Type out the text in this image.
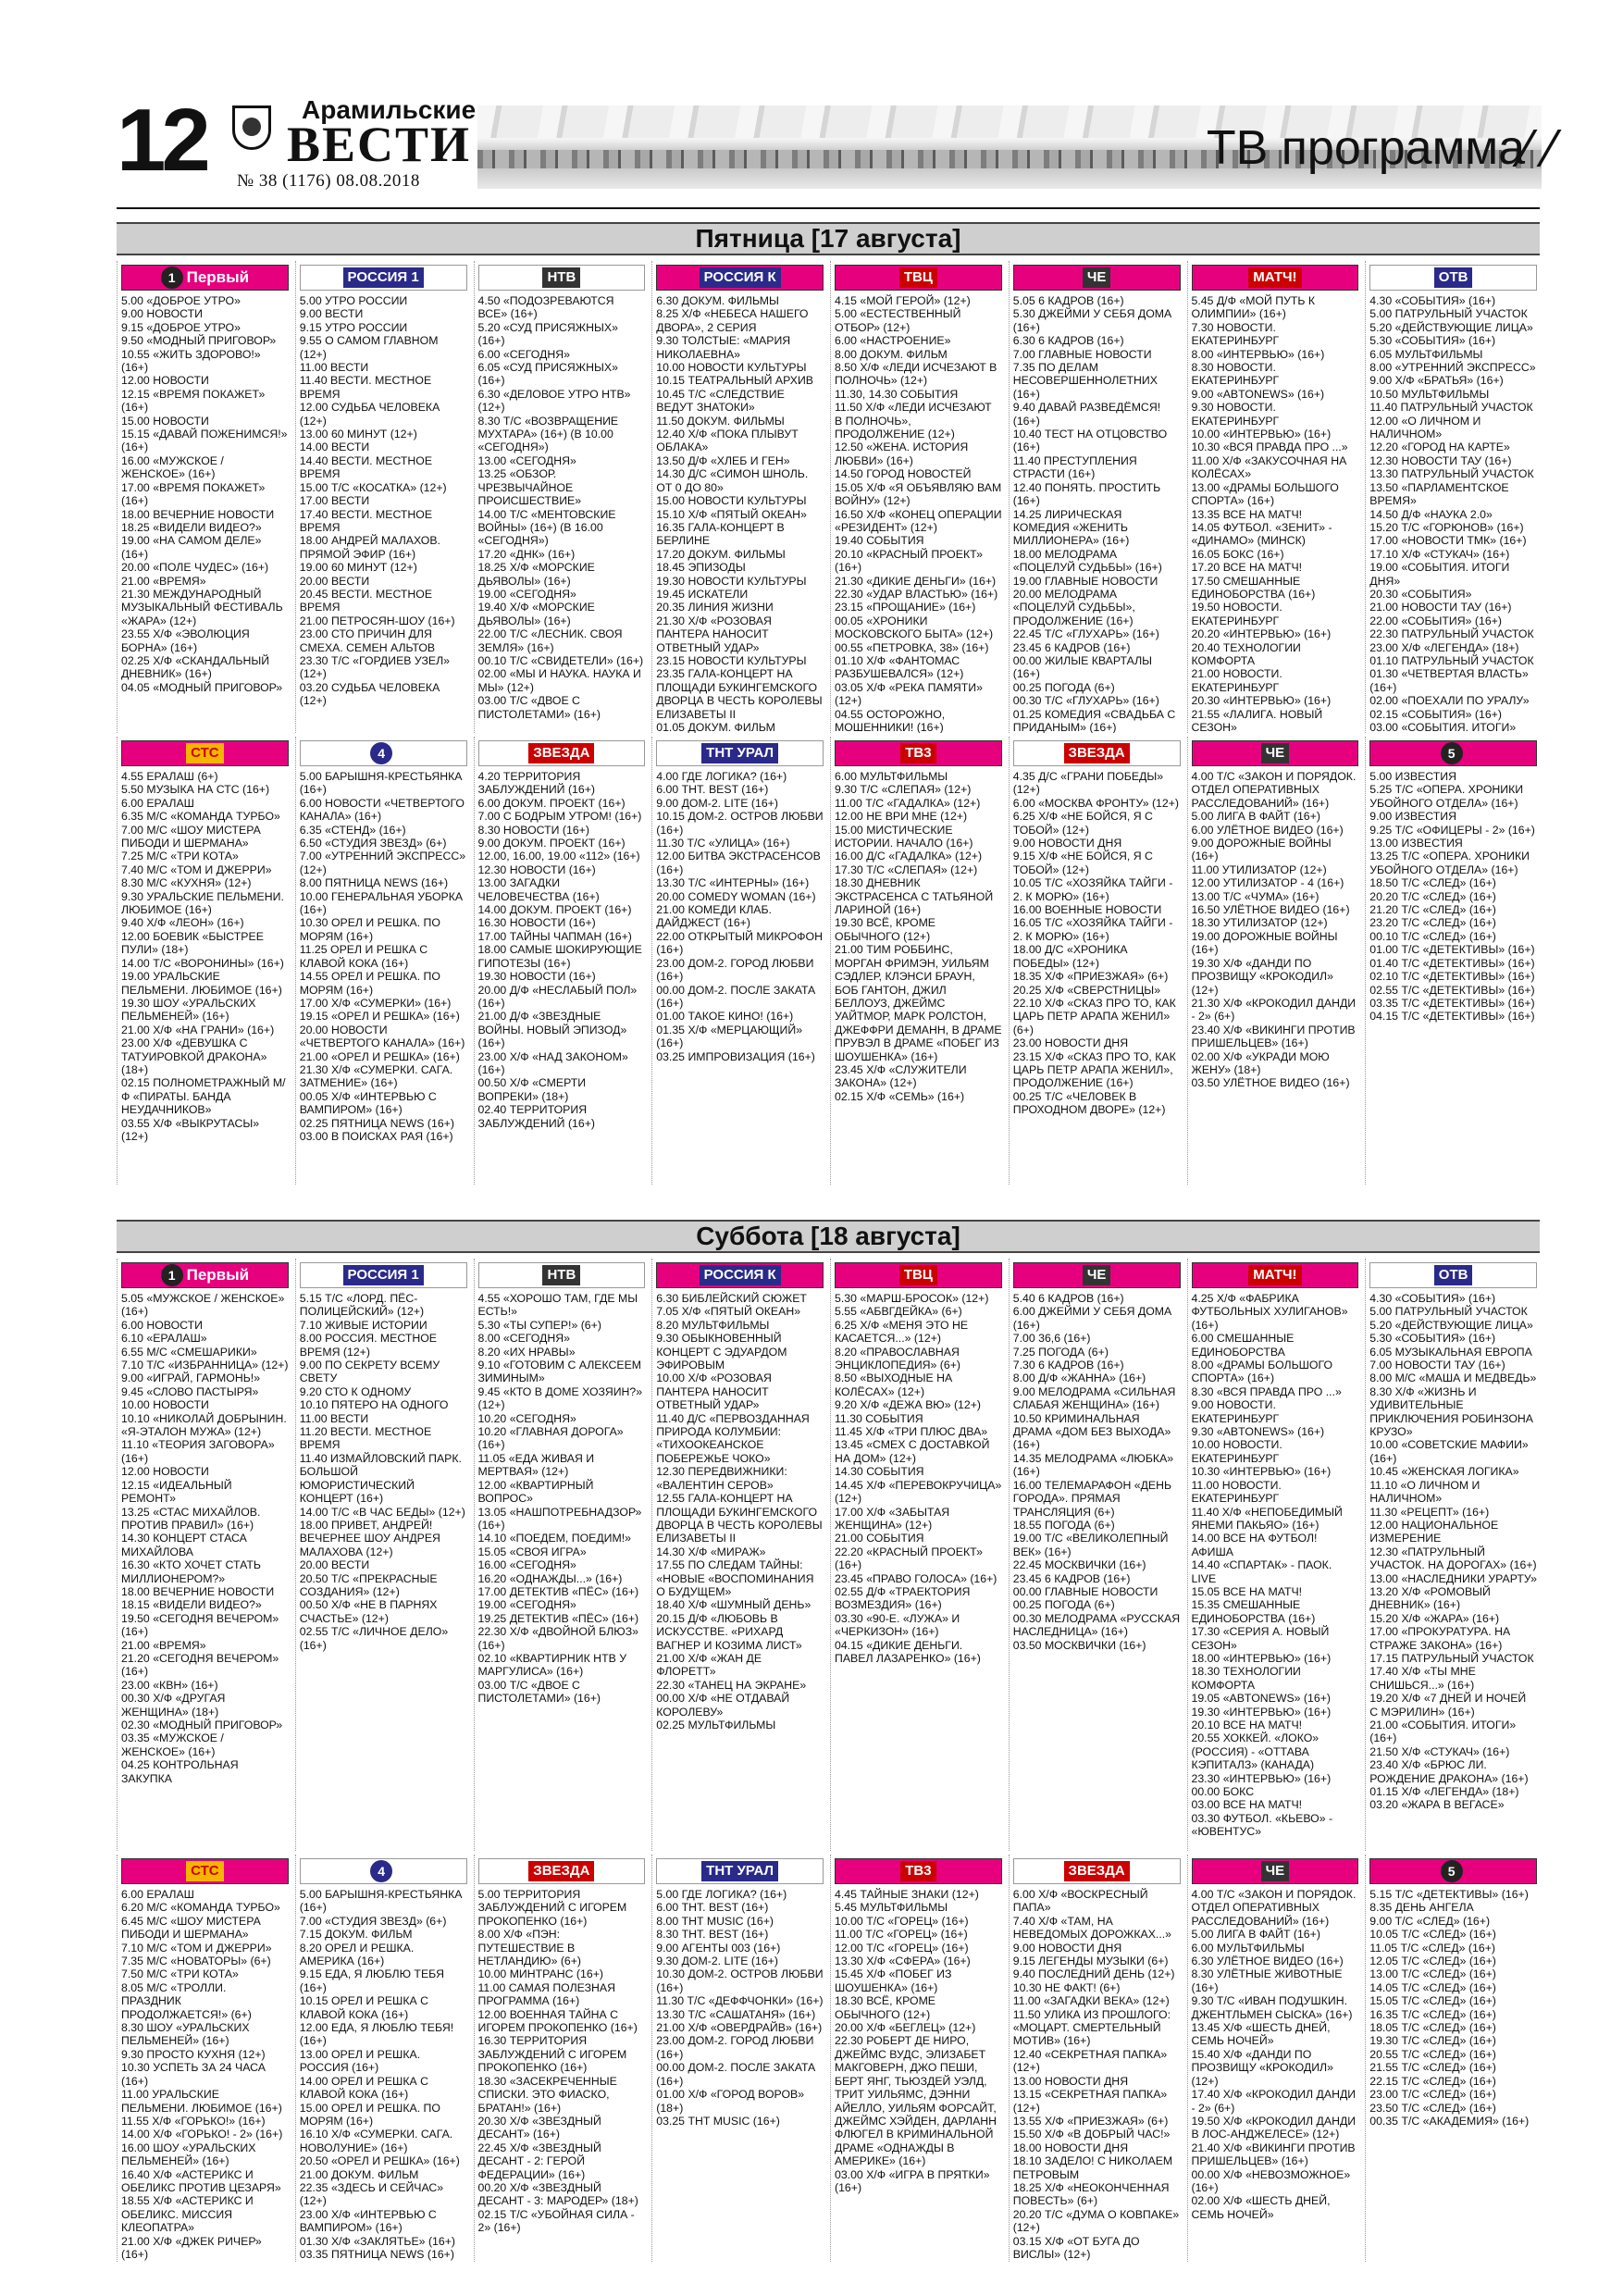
12	Арамильские
ВЕСТИ
№ 38 (1176) 08.08.2018
ТВ программа
Пятница [17 августа]
1 Первый
5.00 «ДОБРОЕ УТРО»
9.00 НОВОСТИ
9.15 «ДОБРОЕ УТРО»
9.50 «МОДНЫЙ ПРИГОВОР»
10.55 «ЖИТЬ ЗДОРОВО!» (16+)
12.00 НОВОСТИ
12.15 «ВРЕМЯ ПОКАЖЕТ» (16+)
15.00 НОВОСТИ
15.15 «ДАВАЙ ПОЖЕНИМСЯ!» (16+)
16.00 «МУЖСКОЕ / ЖЕНСКОЕ» (16+)
17.00 «ВРЕМЯ ПОКАЖЕТ» (16+)
18.00 ВЕЧЕРНИЕ НОВОСТИ
18.25 «ВИДЕЛИ ВИДЕО?»
19.00 «НА САМОМ ДЕЛЕ» (16+)
20.00 «ПОЛЕ ЧУДЕС» (16+)
21.00 «ВРЕМЯ»
21.30 МЕЖДУНАРОДНЫЙ МУЗЫКАЛЬНЫЙ ФЕСТИВАЛЬ «ЖАРА» (12+)
23.55 Х/Ф «ЭВОЛЮЦИЯ БОРНА» (16+)
02.25 Х/Ф «СКАНДАЛЬНЫЙ ДНЕВНИК» (16+)
04.05 «МОДНЫЙ ПРИГОВОР»
РОССИЯ 1
5.00 УТРО РОССИИ
9.00 ВЕСТИ
9.15 УТРО РОССИИ
9.55 О САМОМ ГЛАВНОМ (12+)
11.00 ВЕСТИ
11.40 ВЕСТИ. МЕСТНОЕ ВРЕМЯ
12.00 СУДЬБА ЧЕЛОВЕКА (12+)
13.00 60 МИНУТ (12+)
14.00 ВЕСТИ
14.40 ВЕСТИ. МЕСТНОЕ ВРЕМЯ
15.00 Т/С «КОСАТКА» (12+)
17.00 ВЕСТИ
17.40 ВЕСТИ. МЕСТНОЕ ВРЕМЯ
18.00 АНДРЕЙ МАЛАХОВ. ПРЯМОЙ ЭФИР (16+)
19.00 60 МИНУТ (12+)
20.00 ВЕСТИ
20.45 ВЕСТИ. МЕСТНОЕ ВРЕМЯ
21.00 ПЕТРОСЯН-ШОУ (16+)
23.00 СТО ПРИЧИН ДЛЯ СМЕХА. СЕМЕН АЛЬТОВ
23.30 Т/С «ГОРДИЕВ УЗЕЛ» (12+)
03.20 СУДЬБА ЧЕЛОВЕКА (12+)
НТВ
4.50 «ПОДОЗРЕВАЮТСЯ ВСЕ» (16+)
5.20 «СУД ПРИСЯЖНЫХ» (16+)
6.00 «СЕГОДНЯ»
6.05 «СУД ПРИСЯЖНЫХ» (16+)
6.30 «ДЕЛОВОЕ УТРО НТВ» (12+)
8.30 Т/С «ВОЗВРАЩЕНИЕ МУХТАРА» (16+) (В 10.00 «СЕГОДНЯ»)
13.00 «СЕГОДНЯ»
13.25 «ОБЗОР. ЧРЕЗВЫЧАЙНОЕ ПРОИСШЕСТВИЕ»
14.00 Т/С «МЕНТОВСКИЕ ВОЙНЫ» (16+) (В 16.00 «СЕГОДНЯ»)
17.20 «ДНК» (16+)
18.25 Х/Ф «МОРСКИЕ ДЬЯВОЛЫ» (16+)
19.00 «СЕГОДНЯ»
19.40 Х/Ф «МОРСКИЕ ДЬЯВОЛЫ» (16+)
22.00 Т/С «ЛЕСНИК. СВОЯ ЗЕМЛЯ» (16+)
00.10 Т/С «СВИДЕТЕЛИ» (16+)
02.00 «МЫ И НАУКА. НАУКА И МЫ» (12+)
03.00 Т/С «ДВОЕ С ПИСТОЛЕТАМИ» (16+)
РОССИЯ К
6.30 ДОКУМ. ФИЛЬМЫ
8.25 Х/Ф «НЕБЕСА НАШЕГО ДВОРА», 2 СЕРИЯ
9.30 ТОЛСТЫЕ: «МАРИЯ НИКОЛАЕВНА»
10.00 НОВОСТИ КУЛЬТУРЫ
10.15 ТЕАТРАЛЬНЫЙ АРХИВ
10.45 Т/С «СЛЕДСТВИЕ ВЕДУТ ЗНАТОКИ»
11.50 ДОКУМ. ФИЛЬМЫ
12.40 Х/Ф «ПОКА ПЛЫВУТ ОБЛАКА»
13.50 Д/Ф «ХЛЕБ И ГЕН»
14.30 Д/С «СИМОН ШНОЛЬ. ОТ 0 ДО 80»
15.00 НОВОСТИ КУЛЬТУРЫ
15.10 Х/Ф «ПЯТЫЙ ОКЕАН»
16.35 ГАЛА-КОНЦЕРТ В БЕРЛИНЕ
17.20 ДОКУМ. ФИЛЬМЫ
18.45 ЭПИЗОДЫ
19.30 НОВОСТИ КУЛЬТУРЫ
19.45 ИСКАТЕЛИ
20.35 ЛИНИЯ ЖИЗНИ
21.30 Х/Ф «РОЗОВАЯ ПАНТЕРА НАНОСИТ ОТВЕТНЫЙ УДАР»
23.15 НОВОСТИ КУЛЬТУРЫ
23.35 ГАЛА-КОНЦЕРТ НА ПЛОЩАДИ БУКИНГЕМСКОГО ДВОРЦА В ЧЕСТЬ КОРОЛЕВЫ ЕЛИЗАВЕТЫ II
01.05 ДОКУМ. ФИЛЬМ
ТВЦ
4.15 «МОЙ ГЕРОЙ» (12+)
5.00 «ЕСТЕСТВЕННЫЙ ОТБОР» (12+)
6.00 «НАСТРОЕНИЕ»
8.00 ДОКУМ. ФИЛЬМ
8.50 Х/Ф «ЛЕДИ ИСЧЕЗАЮТ В ПОЛНОЧЬ» (12+)
11.30, 14.30 СОБЫТИЯ
11.50 Х/Ф «ЛЕДИ ИСЧЕЗАЮТ В ПОЛНОЧЬ», ПРОДОЛЖЕНИЕ (12+)
12.50 «ЖЕНА. ИСТОРИЯ ЛЮБВИ» (16+)
14.50 ГОРОД НОВОСТЕЙ
15.05 Х/Ф «Я ОБЪЯВЛЯЮ ВАМ ВОЙНУ» (12+)
16.50 Х/Ф «КОНЕЦ ОПЕРАЦИИ «РЕЗИДЕНТ» (12+)
19.40 СОБЫТИЯ
20.10 «КРАСНЫЙ ПРОЕКТ» (16+)
21.30 «ДИКИЕ ДЕНЬГИ» (16+)
22.30 «УДАР ВЛАСТЬЮ» (16+)
23.15 «ПРОЩАНИЕ» (16+)
00.05 «ХРОНИКИ МОСКОВСКОГО БЫТА» (12+)
00.55 «ПЕТРОВКА, 38» (16+)
01.10 Х/Ф «ФАНТОМАС РАЗБУШЕВАЛСЯ» (12+)
03.05 Х/Ф «РЕКА ПАМЯТИ» (12+)
04.55 ОСТОРОЖНО, МОШЕННИКИ! (16+)
ЧЕ
5.05 6 КАДРОВ (16+)
5.30 ДЖЕЙМИ У СЕБЯ ДОМА (16+)
6.30 6 КАДРОВ (16+)
7.00 ГЛАВНЫЕ НОВОСТИ
7.35 ПО ДЕЛАМ НЕСОВЕРШЕННОЛЕТНИХ (16+)
9.40 ДАВАЙ РАЗВЕДЁМСЯ! (16+)
10.40 ТЕСТ НА ОТЦОВСТВО (16+)
11.40 ПРЕСТУПЛЕНИЯ СТРАСТИ (16+)
12.40 ПОНЯТЬ. ПРОСТИТЬ (16+)
14.25 ЛИРИЧЕСКАЯ КОМЕДИЯ «ЖЕНИТЬ МИЛЛИОНЕРА» (16+)
18.00 МЕЛОДРАМА «ПОЦЕЛУЙ СУДЬБЫ» (16+)
19.00 ГЛАВНЫЕ НОВОСТИ
20.00 МЕЛОДРАМА «ПОЦЕЛУЙ СУДЬБЫ», ПРОДОЛЖЕНИЕ (16+)
22.45 Т/С «ГЛУХАРЬ» (16+)
23.45 6 КАДРОВ (16+)
00.00 ЖИЛЫЕ КВАРТАЛЫ (16+)
00.25 ПОГОДА (6+)
00.30 Т/С «ГЛУХАРЬ» (16+)
01.25 КОМЕДИЯ «СВАДЬБА С ПРИДАНЫМ» (16+)
МАТЧ!
5.45 Д/Ф «МОЙ ПУТЬ К ОЛИМПИИ» (16+)
7.30 НОВОСТИ. ЕКАТЕРИНБУРГ
8.00 «ИНТЕРВЬЮ» (16+)
8.30 НОВОСТИ. ЕКАТЕРИНБУРГ
9.00 «ABTONEWS» (16+)
9.30 НОВОСТИ. ЕКАТЕРИНБУРГ
10.00 «ИНТЕРВЬЮ» (16+)
10.30 «ВСЯ ПРАВДА ПРО ...»
11.00 Х/Ф «ЗАКУСОЧНАЯ НА КОЛЁСАХ»
13.00 «ДРАМЫ БОЛЬШОГО СПОРТА» (16+)
13.35 ВСЕ НА МАТЧ!
14.05 ФУТБОЛ. «ЗЕНИТ» - «ДИНАМО» (МИНСК)
16.05 БОКС (16+)
17.20 ВСЕ НА МАТЧ!
17.50 СМЕШАННЫЕ ЕДИНОБОРСТВА (16+)
19.50 НОВОСТИ. ЕКАТЕРИНБУРГ
20.20 «ИНТЕРВЬЮ» (16+)
20.40 ТЕХНОЛОГИИ КОМФОРТА
21.00 НОВОСТИ. ЕКАТЕРИНБУРГ
20.30 «ИНТЕРВЬЮ» (16+)
21.55 «ЛАЛИГА. НОВЫЙ СЕЗОН»
ОТВ
4.30 «СОБЫТИЯ» (16+)
5.00 ПАТРУЛЬНЫЙ УЧАСТОК
5.20 «ДЕЙСТВУЮЩИЕ ЛИЦА»
5.30 «СОБЫТИЯ» (16+)
6.05 МУЛЬТФИЛЬМЫ
8.00 «УТРЕННИЙ ЭКСПРЕСС»
9.00 Х/Ф «БРАТЬЯ» (16+)
10.50 МУЛЬТФИЛЬМЫ
11.40 ПАТРУЛЬНЫЙ УЧАСТОК
12.00 «О ЛИЧНОМ И НАЛИЧНОМ»
12.20 «ГОРОД НА КАРТЕ»
12.30 НОВОСТИ ТАУ (16+)
13.30 ПАТРУЛЬНЫЙ УЧАСТОК
13.50 «ПАРЛАМЕНТСКОЕ ВРЕМЯ»
14.50 Д/Ф «НАУКА 2.0»
15.20 Т/С «ГОРЮНОВ» (16+)
17.00 «НОВОСТИ ТМК» (16+)
17.10 Х/Ф «СТУКАЧ» (16+)
19.00 «СОБЫТИЯ. ИТОГИ ДНЯ»
20.30 «СОБЫТИЯ»
21.00 НОВОСТИ ТАУ (16+)
22.00 «СОБЫТИЯ» (16+)
22.30 ПАТРУЛЬНЫЙ УЧАСТОК
23.00 Х/Ф «ЛЕГЕНДА» (18+)
01.10 ПАТРУЛЬНЫЙ УЧАСТОК
01.30 «ЧЕТВЕРТАЯ ВЛАСТЬ» (16+)
02.00 «ПОЕХАЛИ ПО УРАЛУ»
02.15 «СОБЫТИЯ» (16+)
03.00 «СОБЫТИЯ. ИТОГИ»
СТС
4.55 ЕРАЛАШ (6+)
5.50 МУЗЫКА НА СТС (16+)
6.00 ЕРАЛАШ
6.35 М/С «КОМАНДА ТУРБО»
7.00 М/С «ШОУ МИСТЕРА ПИБОДИ И ШЕРМАНА»
7.25 М/С «ТРИ КОТА»
7.40 М/С «ТОМ И ДЖЕРРИ»
8.30 М/С «КУХНЯ» (12+)
9.30 УРАЛЬСКИЕ ПЕЛЬМЕНИ. ЛЮБИМОЕ (16+)
9.40 Х/Ф «ЛЕОН» (16+)
12.00 БОЕВИК «БЫСТРЕЕ ПУЛИ» (18+)
14.00 Т/С «ВОРОНИНЫ» (16+)
19.00 УРАЛЬСКИЕ ПЕЛЬМЕНИ. ЛЮБИМОЕ (16+)
19.30 ШОУ «УРАЛЬСКИХ ПЕЛЬМЕНЕЙ» (16+)
21.00 Х/Ф «НА ГРАНИ» (16+)
23.00 Х/Ф «ДЕВУШКА С ТАТУИРОВКОЙ ДРАКОНА» (18+)
02.15 ПОЛНОМЕТРАЖНЫЙ М/Ф «ПИРАТЫ. БАНДА НЕУДАЧНИКОВ»
03.55 Х/Ф «ВЫКРУТАСЫ» (12+)
4
5.00 БАРЫШНЯ-КРЕСТЬЯНКА (16+)
6.00 НОВОСТИ «ЧЕТВЕРТОГО КАНАЛА» (16+)
6.35 «СТЕНД» (16+)
6.50 «СТУДИЯ ЗВЕЗД» (6+)
7.00 «УТРЕННИЙ ЭКСПРЕСС» (12+)
8.00 ПЯТНИЦА NEWS (16+)
10.00 ГЕНЕРАЛЬНАЯ УБОРКА (16+)
10.30 ОРЕЛ И РЕШКА. ПО МОРЯМ (16+)
11.25 ОРЕЛ И РЕШКА С КЛАВОЙ КОКА (16+)
14.55 ОРЕЛ И РЕШКА. ПО МОРЯМ (16+)
17.00 Х/Ф «СУМЕРКИ» (16+)
19.15 «ОРЕЛ И РЕШКА» (16+)
20.00 НОВОСТИ «ЧЕТВЕРТОГО КАНАЛА» (16+)
21.00 «ОРЕЛ И РЕШКА» (16+)
21.30 Х/Ф «СУМЕРКИ. САГА. ЗАТМЕНИЕ» (16+)
00.05 Х/Ф «ИНТЕРВЬЮ С ВАМПИРОМ» (16+)
02.25 ПЯТНИЦА NEWS (16+)
03.00 В ПОИСКАХ РАЯ (16+)
ЗВЕЗДА
4.20 ТЕРРИТОРИЯ ЗАБЛУЖДЕНИЙ (16+)
6.00 ДОКУМ. ПРОЕКТ (16+)
7.00 С БОДРЫМ УТРОМ! (16+)
8.30 НОВОСТИ (16+)
9.00 ДОКУМ. ПРОЕКТ (16+)
12.00, 16.00, 19.00 «112» (16+)
12.30 НОВОСТИ (16+)
13.00 ЗАГАДКИ ЧЕЛОВЕЧЕСТВА (16+)
14.00 ДОКУМ. ПРОЕКТ (16+)
16.30 НОВОСТИ (16+)
17.00 ТАЙНЫ ЧАПМАН (16+)
18.00 САМЫЕ ШОКИРУЮЩИЕ ГИПОТЕЗЫ (16+)
19.30 НОВОСТИ (16+)
20.00 Д/Ф «НЕСЛАБЫЙ ПОЛ» (16+)
21.00 Д/Ф «ЗВЕЗДНЫЕ ВОЙНЫ. НОВЫЙ ЭПИЗОД» (16+)
23.00 Х/Ф «НАД ЗАКОНОМ» (16+)
00.50 Х/Ф «СМЕРТИ ВОПРЕКИ» (18+)
02.40 ТЕРРИТОРИЯ ЗАБЛУЖДЕНИЙ (16+)
ТНТ УРАЛ
4.00 ГДЕ ЛОГИКА? (16+)
6.00 ТНТ. BEST (16+)
9.00 ДОМ-2. LITE (16+)
10.15 ДОМ-2. ОСТРОВ ЛЮБВИ (16+)
11.30 Т/С «УЛИЦА» (16+)
12.00 БИТВА ЭКСТРАСЕНСОВ (16+)
13.30 Т/С «ИНТЕРНЫ» (16+)
20.00 COMEDY WOMAN (16+)
21.00 КОМЕДИ КЛАБ. ДАЙДЖЕСТ (16+)
22.00 ОТКРЫТЫЙ МИКРОФОН (16+)
23.00 ДОМ-2. ГОРОД ЛЮБВИ (16+)
00.00 ДОМ-2. ПОСЛЕ ЗАКАТА (16+)
01.00 ТАКОЕ КИНО! (16+)
01.35 Х/Ф «МЕРЦАЮЩИЙ» (16+)
03.25 ИМПРОВИЗАЦИЯ (16+)
ТВ3
6.00 МУЛЬТФИЛЬМЫ
9.30 Т/С «СЛЕПАЯ» (12+)
11.00 Т/С «ГАДАЛКА» (12+)
12.00 НЕ ВРИ МНЕ (12+)
15.00 МИСТИЧЕСКИЕ ИСТОРИИ. НАЧАЛО (16+)
16.00 Д/С «ГАДАЛКА» (12+)
17.30 Т/С «СЛЕПАЯ» (12+)
18.30 ДНЕВНИК ЭКСТРАСЕНСА С ТАТЬЯНОЙ ЛАРИНОЙ (16+)
19.30 ВСЁ, КРОМЕ ОБЫЧНОГО (12+)
21.00 ТИМ РОББИНС, МОРГАН ФРИМЭН, УИЛЬЯМ СЭДЛЕР, КЛЭНСИ БРАУН, БОБ ГАНТОН, ДЖИЛ БЕЛЛОУЗ, ДЖЕЙМС УАЙТМОР, МАРК РОЛСТОН, ДЖЕФФРИ ДЕМАНН, В ДРАМЕ ПРУВЭЛ В ДРАМЕ «ПОБЕГ ИЗ ШОУШЕНКА» (16+)
23.45 Х/Ф «СЛУЖИТЕЛИ ЗАКОНА» (12+)
02.15 Х/Ф «СЕМЬ» (16+)
ЗВЕЗДА
4.35 Д/С «ГРАНИ ПОБЕДЫ» (12+)
6.00 «МОСКВА ФРОНТУ» (12+)
6.25 Х/Ф «НЕ БОЙСЯ, Я С ТОБОЙ» (12+)
9.00 НОВОСТИ ДНЯ
9.15 Х/Ф «НЕ БОЙСЯ, Я С ТОБОЙ» (12+)
10.05 Т/С «ХОЗЯЙКА ТАЙГИ - 2. К МОРЮ» (16+)
16.00 ВОЕННЫЕ НОВОСТИ
16.05 Т/С «ХОЗЯЙКА ТАЙГИ - 2. К МОРЮ» (16+)
18.00 Д/С «ХРОНИКА ПОБЕДЫ» (12+)
18.35 Х/Ф «ПРИЕЗЖАЯ» (6+)
20.25 Х/Ф «СВЕРСТНИЦЫ»
22.10 Х/Ф «СКАЗ ПРО ТО, КАК ЦАРЬ ПЕТР АРАПА ЖЕНИЛ» (6+)
23.00 НОВОСТИ ДНЯ
23.15 Х/Ф «СКАЗ ПРО ТО, КАК ЦАРЬ ПЕТР АРАПА ЖЕНИЛ», ПРОДОЛЖЕНИЕ (16+)
00.25 Т/С «ЧЕЛОВЕК В ПРОХОДНОМ ДВОРЕ» (12+)
ЧЕ
4.00 Т/С «ЗАКОН И ПОРЯДОК. ОТДЕЛ ОПЕРАТИВНЫХ РАССЛЕДОВАНИЙ» (16+)
5.00 ЛИГА В ФАЙТ (16+)
6.00 УЛЁТНОЕ ВИДЕО (16+)
9.00 ДОРОЖНЫЕ ВОЙНЫ (16+)
11.00 УТИЛИЗАТОР (12+)
12.00 УТИЛИЗАТОР - 4 (16+)
13.00 Т/С «ЧУМА» (16+)
16.50 УЛЁТНОЕ ВИДЕО (16+)
18.30 УТИЛИЗАТОР (12+)
19.00 ДОРОЖНЫЕ ВОЙНЫ (16+)
19.30 Х/Ф «ДАНДИ ПО ПРОЗВИЩУ «КРОКОДИЛ» (12+)
21.30 Х/Ф «КРОКОДИЛ ДАНДИ - 2» (6+)
23.40 Х/Ф «ВИКИНГИ ПРОТИВ ПРИШЕЛЬЦЕВ» (16+)
02.00 Х/Ф «УКРАДИ МОЮ ЖЕНУ» (18+)
03.50 УЛЁТНОЕ ВИДЕО (16+)
5
5.00 ИЗВЕСТИЯ
5.25 Т/С «ОПЕРА. ХРОНИКИ УБОЙНОГО ОТДЕЛА» (16+)
9.00 ИЗВЕСТИЯ
9.25 Т/С «ОФИЦЕРЫ - 2» (16+)
13.00 ИЗВЕСТИЯ
13.25 Т/С «ОПЕРА. ХРОНИКИ УБОЙНОГО ОТДЕЛА» (16+)
18.50 Т/С «СЛЕД» (16+)
20.20 Т/С «СЛЕД» (16+)
21.20 Т/С «СЛЕД» (16+)
23.20 Т/С «СЛЕД» (16+)
00.10 Т/С «СЛЕД» (16+)
01.00 Т/С «ДЕТЕКТИВЫ» (16+)
01.40 Т/С «ДЕТЕКТИВЫ» (16+)
02.10 Т/С «ДЕТЕКТИВЫ» (16+)
02.55 Т/С «ДЕТЕКТИВЫ» (16+)
03.35 Т/С «ДЕТЕКТИВЫ» (16+)
04.15 Т/С «ДЕТЕКТИВЫ» (16+)
Суббота [18 августа]
1 Первый
5.05 «МУЖСКОЕ / ЖЕНСКОЕ» (16+)
6.00 НОВОСТИ
6.10 «ЕРАЛАШ»
6.55 М/С «СМЕШАРИКИ»
7.10 Т/С «ИЗБРАННИЦА» (12+)
9.00 «ИГРАЙ, ГАРМОНЬ!»
9.45 «СЛОВО ПАСТЫРЯ»
10.00 НОВОСТИ
10.10 «НИКОЛАЙ ДОБРЫНИН. «Я-ЭТАЛОН МУЖА» (12+)
11.10 «ТЕОРИЯ ЗАГОВОРА» (16+)
12.00 НОВОСТИ
12.15 «ИДЕАЛЬНЫЙ РЕМОНТ»
13.25 «СТАС МИХАЙЛОВ. ПРОТИВ ПРАВИЛ» (16+)
14.30 КОНЦЕРТ СТАСА МИХАЙЛОВА
16.30 «КТО ХОЧЕТ СТАТЬ МИЛЛИОНЕРОМ?»
18.00 ВЕЧЕРНИЕ НОВОСТИ
18.15 «ВИДЕЛИ ВИДЕО?»
19.50 «СЕГОДНЯ ВЕЧЕРОМ» (16+)
21.00 «ВРЕМЯ»
21.20 «СЕГОДНЯ ВЕЧЕРОМ» (16+)
23.00 «КВН» (16+)
00.30 Х/Ф «ДРУГАЯ ЖЕНЩИНА» (18+)
02.30 «МОДНЫЙ ПРИГОВОР»
03.35 «МУЖСКОЕ / ЖЕНСКОЕ» (16+)
04.25 КОНТРОЛЬНАЯ ЗАКУПКА
РОССИЯ 1
5.15 Т/С «ЛОРД. ПЁС-ПОЛИЦЕЙСКИЙ» (12+)
7.10 ЖИВЫЕ ИСТОРИИ
8.00 РОССИЯ. МЕСТНОЕ ВРЕМЯ (12+)
9.00 ПО СЕКРЕТУ ВСЕМУ СВЕТУ
9.20 СТО К ОДНОМУ
10.10 ПЯТЕРО НА ОДНОГО
11.00 ВЕСТИ
11.20 ВЕСТИ. МЕСТНОЕ ВРЕМЯ
11.40 ИЗМАЙЛОВСКИЙ ПАРК. БОЛЬШОЙ ЮМОРИСТИЧЕСКИЙ КОНЦЕРТ (16+)
14.00 Т/С «В ЧАС БЕДЫ» (12+)
18.00 ПРИВЕТ, АНДРЕЙ! ВЕЧЕРНЕЕ ШОУ АНДРЕЯ МАЛАХОВА (12+)
20.00 ВЕСТИ
20.50 Т/С «ПРЕКРАСНЫЕ СОЗДАНИЯ» (12+)
00.50 Х/Ф «НЕ В ПАРНЯХ СЧАСТЬЕ» (12+)
02.55 Т/С «ЛИЧНОЕ ДЕЛО» (16+)
НТВ
4.55 «ХОРОШО ТАМ, ГДЕ МЫ ЕСТЬ!»
5.30 «ТЫ СУПЕР!» (6+)
8.00 «СЕГОДНЯ»
8.20 «ИХ НРАВЫ»
9.10 «ГОТОВИМ С АЛЕКСЕЕМ ЗИМИНЫМ»
9.45 «КТО В ДОМЕ ХОЗЯИН?» (12+)
10.20 «СЕГОДНЯ»
10.20 «ГЛАВНАЯ ДОРОГА» (16+)
11.05 «ЕДА ЖИВАЯ И МЕРТВАЯ» (12+)
12.00 «КВАРТИРНЫЙ ВОПРОС»
13.05 «НАШПОТРЕБНАДЗОР» (16+)
14.10 «ПОЕДЕМ, ПОЕДИМ!»
15.05 «СВОЯ ИГРА»
16.00 «СЕГОДНЯ»
16.20 «ОДНАЖДЫ...» (16+)
17.00 ДЕТЕКТИВ «ПЁС» (16+)
19.00 «СЕГОДНЯ»
19.25 ДЕТЕКТИВ «ПЁС» (16+)
22.30 Х/Ф «ДВОЙНОЙ БЛЮЗ» (16+)
02.10 «КВАРТИРНИК НТВ У МАРГУЛИСА» (16+)
03.00 Т/С «ДВОЕ С ПИСТОЛЕТАМИ» (16+)
РОССИЯ К
6.30 БИБЛЕЙСКИЙ СЮЖЕТ
7.05 Х/Ф «ПЯТЫЙ ОКЕАН»
8.20 МУЛЬТФИЛЬМЫ
9.30 ОБЫКНОВЕННЫЙ КОНЦЕРТ С ЭДУАРДОМ ЭФИРОВЫМ
10.00 Х/Ф «РОЗОВАЯ ПАНТЕРА НАНОСИТ ОТВЕТНЫЙ УДАР»
11.40 Д/С «ПЕРВОЗДАННАЯ ПРИРОДА КОЛУМБИИ: «ТИХООКЕАНСКОЕ ПОБЕРЕЖЬЕ ЧОКО»
12.30 ПЕРЕДВИЖНИКИ: «ВАЛЕНТИН СЕРОВ»
12.55 ГАЛА-КОНЦЕРТ НА ПЛОЩАДИ БУКИНГЕМСКОГО ДВОРЦА В ЧЕСТЬ КОРОЛЕВЫ ЕЛИЗАВЕТЫ II
14.30 Х/Ф «МИРАЖ»
17.55 ПО СЛЕДАМ ТАЙНЫ: «НОВЫЕ «ВОСПОМИНАНИЯ О БУДУЩЕМ»
18.40 Х/Ф «ШУМНЫЙ ДЕНЬ»
20.15 Д/Ф «ЛЮБОВЬ В ИСКУССТВЕ. «РИХАРД ВАГНЕР И КОЗИМА ЛИСТ»
21.00 Х/Ф «ЖАН ДЕ ФЛОРЕТТ»
22.30 «ТАНЕЦ НА ЭКРАНЕ»
00.00 Х/Ф «НЕ ОТДАВАЙ КОРОЛЕВУ»
02.25 МУЛЬТФИЛЬМЫ
ТВЦ
5.30 «МАРШ-БРОСОК» (12+)
5.55 «АБВГДЕЙКА» (6+)
6.25 Х/Ф «МЕНЯ ЭТО НЕ КАСАЕТСЯ...» (12+)
8.20 «ПРАВОСЛАВНАЯ ЭНЦИКЛОПЕДИЯ» (6+)
8.50 «ВЫХОДНЫЕ НА КОЛЁСАХ» (12+)
9.20 Х/Ф «ДЕЖА ВЮ» (12+)
11.30 СОБЫТИЯ
11.45 Х/Ф «ТРИ ПЛЮС ДВА»
13.45 «СМЕХ С ДОСТАВКОЙ НА ДОМ» (12+)
14.30 СОБЫТИЯ
14.45 Х/Ф «ПЕРЕВОКРУЧИЦА» (12+)
17.00 Х/Ф «ЗАБЫТАЯ ЖЕНЩИНА» (12+)
21.00 СОБЫТИЯ
22.20 «КРАСНЫЙ ПРОЕКТ» (16+)
23.45 «ПРАВО ГОЛОСА» (16+)
02.55 Д/Ф «ТРАЕКТОРИЯ ВОЗМЕЗДИЯ» (16+)
03.30 «90-Е. «ЛУЖА» И «ЧЕРКИЗОН» (16+)
04.15 «ДИКИЕ ДЕНЬГИ. ПАВЕЛ ЛАЗАРЕНКО» (16+)
ЧЕ
5.40 6 КАДРОВ (16+)
6.00 ДЖЕЙМИ У СЕБЯ ДОМА (16+)
7.00 36,6 (16+)
7.25 ПОГОДА (6+)
7.30 6 КАДРОВ (16+)
8.00 Д/Ф «ЖАННА» (16+)
9.00 МЕЛОДРАМА «СИЛЬНАЯ СЛАБАЯ ЖЕНЩИНА» (16+)
10.50 КРИМИНАЛЬНАЯ ДРАМА «ДОМ БЕЗ ВЫХОДА» (16+)
14.35 МЕЛОДРАМА «ЛЮБКА» (16+)
16.00 ТЕЛЕМАРАФОН «ДЕНЬ ГОРОДА». ПРЯМАЯ ТРАНСЛЯЦИЯ (6+)
18.55 ПОГОДА (6+)
19.00 Т/С «ВЕЛИКОЛЕПНЫЙ ВЕК» (16+)
22.45 МОСКВИЧКИ (16+)
23.45 6 КАДРОВ (16+)
00.00 ГЛАВНЫЕ НОВОСТИ
00.25 ПОГОДА (6+)
00.30 МЕЛОДРАМА «РУССКАЯ НАСЛЕДНИЦА» (16+)
03.50 МОСКВИЧКИ (16+)
МАТЧ!
4.25 Х/Ф «ФАБРИКА ФУТБОЛЬНЫХ ХУЛИГАНОВ» (16+)
6.00 СМЕШАННЫЕ ЕДИНОБОРСТВА
8.00 «ДРАМЫ БОЛЬШОГО СПОРТА» (16+)
8.30 «ВСЯ ПРАВДА ПРО ...»
9.00 НОВОСТИ. ЕКАТЕРИНБУРГ
9.30 «ABTONEWS» (16+)
10.00 НОВОСТИ. ЕКАТЕРИНБУРГ
10.30 «ИНТЕРВЬЮ» (16+)
11.00 НОВОСТИ. ЕКАТЕРИНБУРГ
11.40 Х/Ф «НЕПОБЕДИМЫЙ ЯНЕМИ ПАКЬЯО» (16+)
14.00 ВСЕ НА ФУТБОЛ! АФИША
14.40 «СПАРТАК» - ПАОК. LIVE
15.05 ВСЕ НА МАТЧ!
15.35 СМЕШАННЫЕ ЕДИНОБОРСТВА (16+)
17.30 «СЕРИЯ А. НОВЫЙ СЕЗОН»
18.00 «ИНТЕРВЬЮ» (16+)
18.30 ТЕХНОЛОГИИ КОМФОРТА
19.05 «ABTONEWS» (16+)
19.30 «ИНТЕРВЬЮ» (16+)
20.10 ВСЕ НА МАТЧ!
20.55 ХОККЕЙ. «ЛОКО» (РОССИЯ) - «ОТТАВА КЭПИТАЛЗ» (КАНАДА)
23.30 «ИНТЕРВЬЮ» (16+)
00.00 БОКС
03.00 ВСЕ НА МАТЧ!
03.30 ФУТБОЛ. «КЬЕВО» - «ЮВЕНТУС»
ОТВ
4.30 «СОБЫТИЯ» (16+)
5.00 ПАТРУЛЬНЫЙ УЧАСТОК
5.20 «ДЕЙСТВУЮЩИЕ ЛИЦА»
5.30 «СОБЫТИЯ» (16+)
6.05 МУЗЫКАЛЬНАЯ ЕВРОПА
7.00 НОВОСТИ ТАУ (16+)
8.00 М/С «МАША И МЕДВЕДЬ»
8.30 Х/Ф «ЖИЗНЬ И УДИВИТЕЛЬНЫЕ ПРИКЛЮЧЕНИЯ РОБИНЗОНА КРУЗО»
10.00 «СОВЕТСКИЕ МАФИИ» (16+)
10.45 «ЖЕНСКАЯ ЛОГИКА»
11.10 «О ЛИЧНОМ И НАЛИЧНОМ»
11.30 «РЕЦЕПТ» (16+)
12.00 НАЦИОНАЛЬНОЕ ИЗМЕРЕНИЕ
12.30 «ПАТРУЛЬНЫЙ УЧАСТОК. НА ДОРОГАХ» (16+)
13.00 «НАСЛЕДНИКИ УРАРТУ»
13.20 Х/Ф «РОМОВЫЙ ДНЕВНИК» (16+)
15.20 Х/Ф «ЖАРА» (16+)
17.00 «ПРОКУРАТУРА. НА СТРАЖЕ ЗАКОНА» (16+)
17.15 ПАТРУЛЬНЫЙ УЧАСТОК
17.40 Х/Ф «ТЫ МНЕ СНИШЬСЯ...» (16+)
19.20 Х/Ф «7 ДНЕЙ И НОЧЕЙ С МЭРИЛИН» (16+)
21.00 «СОБЫТИЯ. ИТОГИ» (16+)
21.50 Х/Ф «СТУКАЧ» (16+)
23.40 Х/Ф «БРЮС ЛИ. РОЖДЕНИЕ ДРАКОНА» (16+)
01.15 Х/Ф «ЛЕГЕНДА» (18+)
03.20 «ЖАРА В ВЕГАСЕ»
СТС
6.00 ЕРАЛАШ
6.20 М/С «КОМАНДА ТУРБО»
6.45 М/С «ШОУ МИСТЕРА ПИБОДИ И ШЕРМАНА»
7.10 М/С «ТОМ И ДЖЕРРИ»
7.35 М/С «НОВАТОРЫ» (6+)
7.50 М/С «ТРИ КОТА»
8.05 М/С «ТРОЛЛИ. ПРАЗДНИК ПРОДОЛЖАЕТСЯ!» (6+)
8.30 ШОУ «УРАЛЬСКИХ ПЕЛЬМЕНЕЙ» (16+)
9.30 ПРОСТО КУХНЯ (12+)
10.30 УСПЕТЬ ЗА 24 ЧАСА (16+)
11.00 УРАЛЬСКИЕ ПЕЛЬМЕНИ. ЛЮБИМОЕ (16+)
11.55 Х/Ф «ГОРЬКО!» (16+)
14.00 Х/Ф «ГОРЬКО! - 2» (16+)
16.00 ШОУ «УРАЛЬСКИХ ПЕЛЬМЕНЕЙ» (16+)
16.40 Х/Ф «АСТЕРИКС И ОБЕЛИКС ПРОТИВ ЦЕЗАРЯ»
18.55 Х/Ф «АСТЕРИКС И ОБЕЛИКС. МИССИЯ КЛЕОПАТРА»
21.00 Х/Ф «ДЖЕК РИЧЕР» (16+)
4
5.00 БАРЫШНЯ-КРЕСТЬЯНКА (16+)
7.00 «СТУДИЯ ЗВЕЗД» (6+)
7.15 ДОКУМ. ФИЛЬМ
8.20 ОРЕЛ И РЕШКА. АМЕРИКА (16+)
9.15 ЕДА, Я ЛЮБЛЮ ТЕБЯ (16+)
10.15 ОРЕЛ И РЕШКА С КЛАВОЙ КОКА (16+)
12.00 ЕДА, Я ЛЮБЛЮ ТЕБЯ! (16+)
13.00 ОРЕЛ И РЕШКА. РОССИЯ (16+)
14.00 ОРЕЛ И РЕШКА С КЛАВОЙ КОКА (16+)
15.00 ОРЕЛ И РЕШКА. ПО МОРЯМ (16+)
16.10 Х/Ф «СУМЕРКИ. САГА. НОВОЛУНИЕ» (16+)
20.50 «ОРЕЛ И РЕШКА» (16+)
21.00 ДОКУМ. ФИЛЬМ
22.35 «ЗДЕСЬ И СЕЙЧАС» (12+)
23.00 Х/Ф «ИНТЕРВЬЮ С ВАМПИРОМ» (16+)
01.30 Х/Ф «ЗАКЛЯТЬЕ» (16+)
03.35 ПЯТНИЦА NEWS (16+)
ЗВЕЗДА
5.00 ТЕРРИТОРИЯ ЗАБЛУЖДЕНИЙ С ИГОРЕМ ПРОКОПЕНКО (16+)
8.00 Х/Ф «ПЭН: ПУТЕШЕСТВИЕ В НЕТЛАНДИЮ» (6+)
10.00 МИНТРАНС (16+)
11.00 САМАЯ ПОЛЕЗНАЯ ПРОГРАММА (16+)
12.00 ВОЕННАЯ ТАЙНА С ИГОРЕМ ПРОКОПЕНКО (16+)
16.30 ТЕРРИТОРИЯ ЗАБЛУЖДЕНИЙ С ИГОРЕМ ПРОКОПЕНКО (16+)
18.30 «ЗАСЕКРЕЧЕННЫЕ СПИСКИ. ЭТО ФИАСКО, БРАТАН!» (16+)
20.30 Х/Ф «ЗВЕЗДНЫЙ ДЕСАНТ» (16+)
22.45 Х/Ф «ЗВЕЗДНЫЙ ДЕСАНТ - 2: ГЕРОЙ ФЕДЕРАЦИИ» (16+)
00.20 Х/Ф «ЗВЕЗДНЫЙ ДЕСАНТ - 3: МАРОДЕР» (18+)
02.15 Т/С «УБОЙНАЯ СИЛА - 2» (16+)
ТНТ УРАЛ
5.00 ГДЕ ЛОГИКА? (16+)
6.00 ТНТ. BEST (16+)
8.00 ТНТ MUSIC (16+)
8.30 ТНТ. BEST (16+)
9.00 АГЕНТЫ 003 (16+)
9.30 ДОМ-2. LITE (16+)
10.30 ДОМ-2. ОСТРОВ ЛЮБВИ (16+)
11.30 Т/С «ДЕФФЧОНКИ» (16+)
13.30 Т/С «САШАТАНЯ» (16+)
21.00 Х/Ф «ОВЕРДРАЙВ» (16+)
23.00 ДОМ-2. ГОРОД ЛЮБВИ (16+)
00.00 ДОМ-2. ПОСЛЕ ЗАКАТА (16+)
01.00 Х/Ф «ГОРОД ВОРОВ» (18+)
03.25 ТНТ MUSIC (16+)
ТВ3
4.45 ТАЙНЫЕ ЗНАКИ (12+)
5.45 МУЛЬТФИЛЬМЫ
10.00 Т/С «ГОРЕЦ» (16+)
11.00 Т/С «ГОРЕЦ» (16+)
12.00 Т/С «ГОРЕЦ» (16+)
13.30 Х/Ф «СФЕРА» (16+)
15.45 Х/Ф «ПОБЕГ ИЗ ШОУШЕНКА» (16+)
18.30 ВСЁ, КРОМЕ ОБЫЧНОГО (12+)
20.00 Х/Ф «БЕГЛЕЦ» (12+)
22.30 РОБЕРТ ДЕ НИРО, ДЖЕЙМС ВУДС, ЭЛИЗАБЕТ МАКГОВЕРН, ДЖО ПЕШИ, БЕРТ ЯНГ, ТЬЮЗДЕЙ УЭЛД, ТРИТ УИЛЬЯМС, ДЭННИ АЙЕЛЛО, УИЛЬЯМ ФОРСАЙТ, ДЖЕЙМС ХЭЙДЕН, ДАРЛАНН ФЛЮГЕЛ В КРИМИНАЛЬНОЙ ДРАМЕ «ОДНАЖДЫ В АМЕРИКЕ» (16+)
03.00 Х/Ф «ИГРА В ПРЯТКИ» (16+)
ЗВЕЗДА
6.00 Х/Ф «ВОСКРЕСНЫЙ ПАПА»
7.40 Х/Ф «ТАМ, НА НЕВЕДОМЫХ ДОРОЖКАХ...»
9.00 НОВОСТИ ДНЯ
9.15 ЛЕГЕНДЫ МУЗЫКИ (6+)
9.40 ПОСЛЕДНИЙ ДЕНЬ (12+)
10.30 НЕ ФАКТ! (6+)
11.00 «ЗАГАДКИ ВЕКА» (12+)
11.50 УЛИКА ИЗ ПРОШЛОГО: «МОЦАРТ. СМЕРТЕЛЬНЫЙ МОТИВ» (16+)
12.40 «СЕКРЕТНАЯ ПАПКА» (12+)
13.00 НОВОСТИ ДНЯ
13.15 «СЕКРЕТНАЯ ПАПКА» (12+)
13.55 Х/Ф «ПРИЕЗЖАЯ» (6+)
15.50 Х/Ф «В ДОБРЫЙ ЧАС!»
18.00 НОВОСТИ ДНЯ
18.10 ЗАДЕЛО! С НИКОЛАЕМ ПЕТРОВЫМ
18.25 Х/Ф «НЕОКОНЧЕННАЯ ПОВЕСТЬ» (6+)
20.20 Т/С «ДУМА О КОВПАКЕ» (12+)
03.15 Х/Ф «ОТ БУГА ДО ВИСЛЫ» (12+)
ЧЕ
4.00 Т/С «ЗАКОН И ПОРЯДОК. ОТДЕЛ ОПЕРАТИВНЫХ РАССЛЕДОВАНИЙ» (16+)
5.00 ЛИГА В ФАЙТ (16+)
6.00 МУЛЬТФИЛЬМЫ
6.30 УЛЁТНОЕ ВИДЕО (16+)
8.30 УЛЁТНЫЕ ЖИВОТНЫЕ (16+)
9.30 Т/С «ИВАН ПОДУШКИН. ДЖЕНТЛЬМЕН СЫСКА» (16+)
13.45 Х/Ф «ШЕСТЬ ДНЕЙ, СЕМЬ НОЧЕЙ»
15.40 Х/Ф «ДАНДИ ПО ПРОЗВИЩУ «КРОКОДИЛ» (12+)
17.40 Х/Ф «КРОКОДИЛ ДАНДИ - 2» (6+)
19.50 Х/Ф «КРОКОДИЛ ДАНДИ В ЛОС-АНДЖЕЛЕСЕ» (12+)
21.40 Х/Ф «ВИКИНГИ ПРОТИВ ПРИШЕЛЬЦЕВ» (16+)
00.00 Х/Ф «НЕВОЗМОЖНОЕ» (16+)
02.00 Х/Ф «ШЕСТЬ ДНЕЙ, СЕМЬ НОЧЕЙ»
5
5.15 Т/С «ДЕТЕКТИВЫ» (16+)
8.35 ДЕНЬ АНГЕЛА
9.00 Т/С «СЛЕД» (16+)
10.05 Т/С «СЛЕД» (16+)
11.05 Т/С «СЛЕД» (16+)
12.05 Т/С «СЛЕД» (16+)
13.00 Т/С «СЛЕД» (16+)
14.05 Т/С «СЛЕД» (16+)
15.05 Т/С «СЛЕД» (16+)
16.35 Т/С «СЛЕД» (16+)
18.05 Т/С «СЛЕД» (16+)
19.30 Т/С «СЛЕД» (16+)
20.55 Т/С «СЛЕД» (16+)
21.55 Т/С «СЛЕД» (16+)
22.15 Т/С «СЛЕД» (16+)
23.00 Т/С «СЛЕД» (16+)
23.50 Т/С «СЛЕД» (16+)
00.35 Т/С «АКАДЕМИЯ» (16+)
